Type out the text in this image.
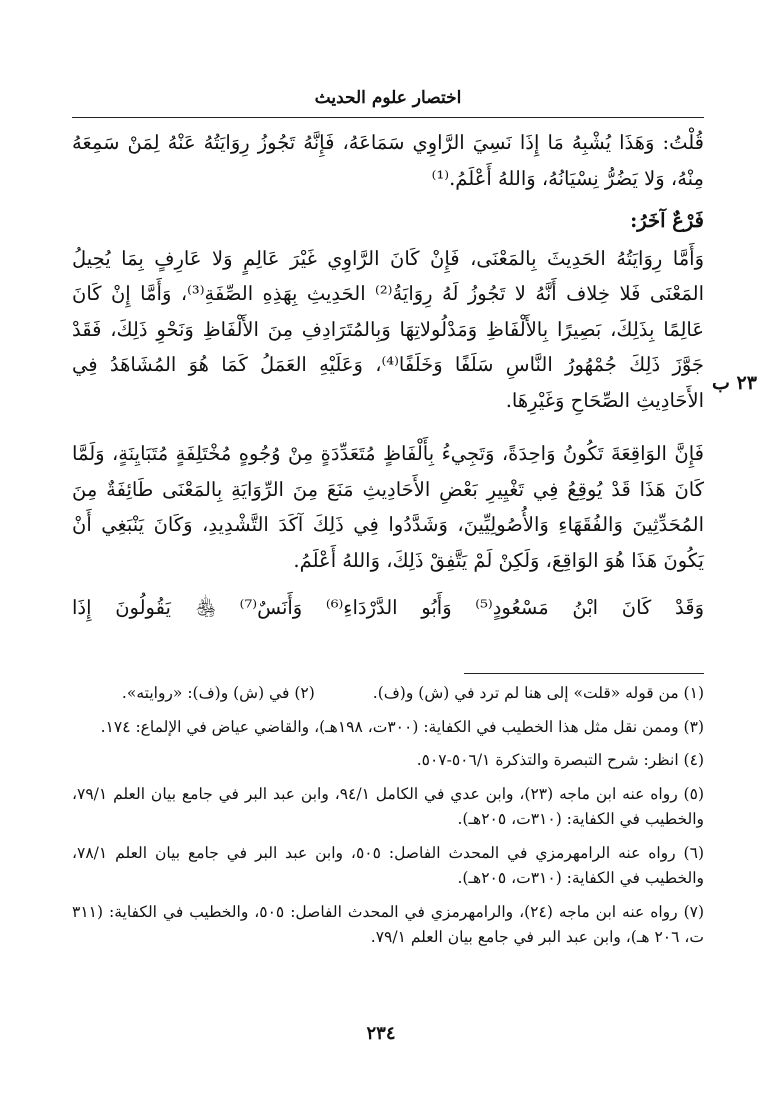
اختصار علوم الحديث
٢٣ ب

قُلْتُ: وَهَذَا يُشْبِهُ مَا إِذَا نَسِيَ الرَّاوِي سَمَاعَهُ، فَإِنَّهُ تَجُوزُ رِوَايَتُهُ عَنْهُ لِمَنْ سَمِعَهُ مِنْهُ، وَلا يَضُرُّ نِسْيَانُهُ، وَاللهُ أَعْلَمُ.⁽¹⁾

فَرْعٌ آخَرُ:

وَأَمَّا رِوَايَتُهُ الحَدِيثَ بِالمَعْنَى، فَإِنْ كَانَ الرَّاوِي غَيْرَ عَالِمٍ وَلا عَارِفٍ بِمَا يُحِيلُ المَعْنَى فَلا خِلاف أَنَّهُ لا تَجُوزُ لَهُ رِوَايَةُ⁽²⁾ الحَدِيثِ بِهَذِهِ الصِّفَةِ⁽³⁾، وَأَمَّا إِنْ كَانَ عَالِمًا بِذَلِكَ، بَصِيرًا بِالأَلْفَاظِ وَمَدْلُولاتِهَا وَبِالمُتَرَادِفِ مِنَ الأَلْفَاظِ وَنَحْوِ ذَلِكَ، فَقَدْ جَوَّزَ ذَلِكَ جُمْهُورُ النَّاسِ سَلَفًا وَخَلَفًا⁽⁴⁾، وَعَلَيْهِ العَمَلُ كَمَا هُوَ المُشَاهَدُ فِي الأَحَادِيثِ الصِّحَاحِ وَغَيْرِهَا.

فَإِنَّ الوَاقِعَةَ تَكُونُ وَاحِدَةً، وَتَجِيءُ بِأَلْفَاظٍ مُتَعَدِّدَةٍ مِنْ وُجُوهٍ مُخْتَلِفَةٍ مُتَبَايِنَةٍ، وَلَمَّا كَانَ هَذَا قَدْ يُوقِعُ فِي تَغْيِيرِ بَعْضِ الأَحَادِيثِ مَنَعَ مِنَ الرِّوَايَةِ بِالمَعْنَى طَائِفَةٌ مِنَ المُحَدِّثِينَ وَالفُقَهَاءِ وَالأُصُولِيِّينَ، وَشَدَّدُوا فِي ذَلِكَ آكَدَ التَّشْدِيدِ، وَكَانَ يَنْبَغِي أَنْ يَكُونَ هَذَا هُوَ الوَاقِعَ، وَلَكِنْ لَمْ يَتَّفِقْ ذَلِكَ، وَاللهُ أَعْلَمُ.

وَقَدْ كَانَ ابْنُ مَسْعُودٍ⁽⁵⁾ وَأَبُو الدَّرْدَاءِ⁽⁶⁾ وَأَنَسٌ⁽⁷⁾ ﵃ يَقُولُونَ إِذَا

(١) من قوله «قلت» إلى هنا لم ترد في (ش) و(ف).
(٢) في (ش) و(ف): «روايته».

(٣) وممن نقل مثل هذا الخطيب في الكفاية: (٣٠٠ت، ١٩٨هـ)، والقاضي عياض في الإلماع: ١٧٤.

(٤) انظر: شرح التبصرة والتذكرة ٥٠٦/١-٥٠٧.

(٥) رواه عنه ابن ماجه (٢٣)، وابن عدي في الكامل ٩٤/١، وابن عبد البر في جامع بيان العلم ٧٩/١، والخطيب في الكفاية: (٣١٠ت، ٢٠٥هـ).

(٦) رواه عنه الرامهرمزي في المحدث الفاصل: ٥٠٥، وابن عبد البر في جامع بيان العلم ٧٨/١، والخطيب في الكفاية: (٣١٠ت، ٢٠٥هـ).

(٧) رواه عنه ابن ماجه (٢٤)، والرامهرمزي في المحدث الفاصل: ٥٠٥، والخطيب في الكفاية: (٣١١ ت، ٢٠٦ هـ)، وابن عبد البر في جامع بيان العلم ٧٩/١.

٢٣٤
